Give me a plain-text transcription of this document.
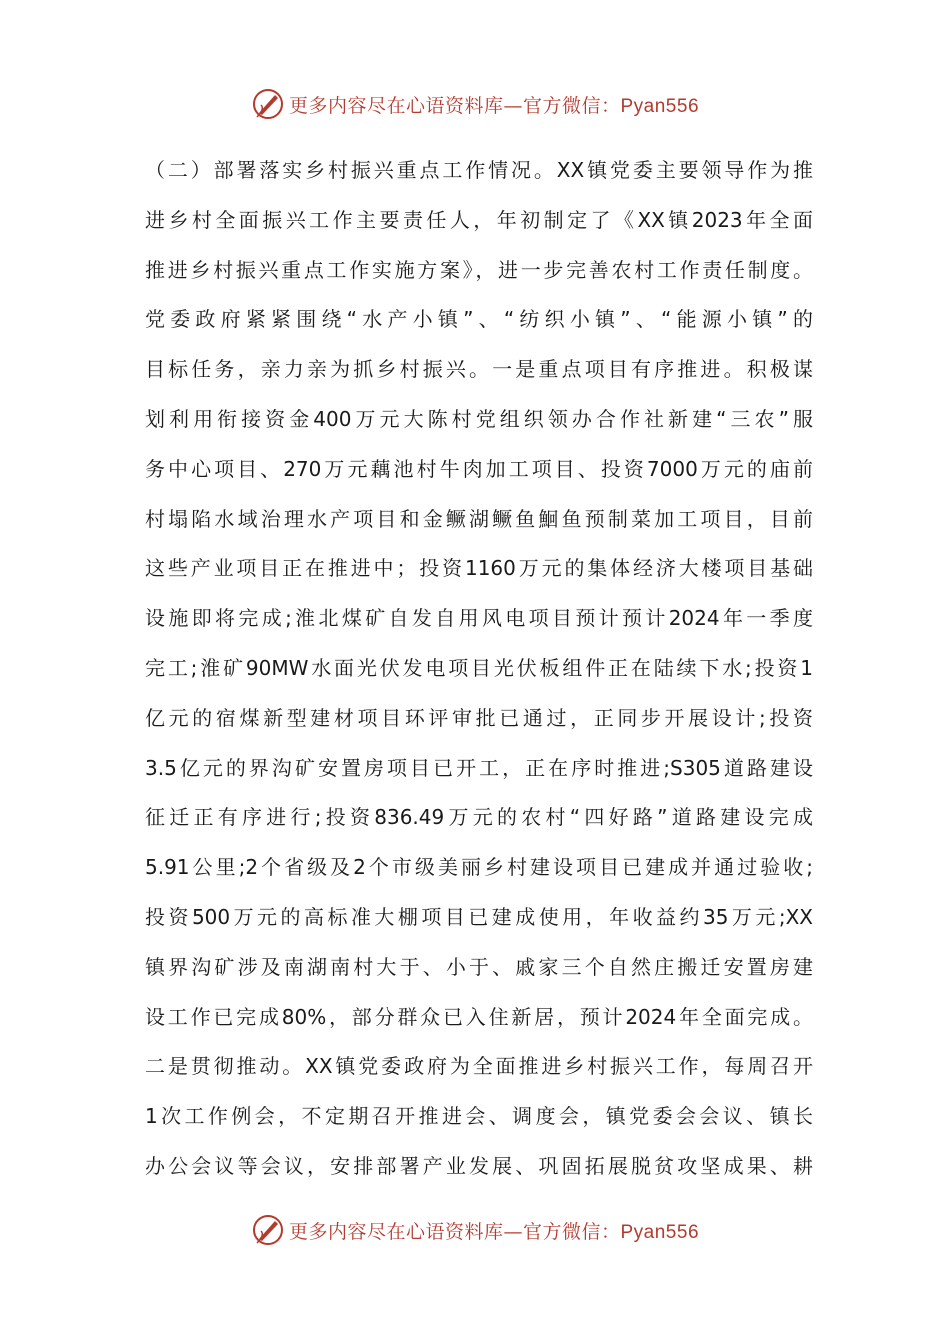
更多内容尽在心语资料库—官方微信：Pyan556
（二）部署落实乡村振兴重点工作情况。XX镇党委主要领导作为推
进乡村全面振兴工作主要责任人，年初制定了《XX镇2023年全面
推进乡村振兴重点工作实施方案》，进一步完善农村工作责任制度。
党委政府紧紧围绕“水产小镇”、“纺织小镇”、“能源小镇”的
目标任务，亲力亲为抓乡村振兴。一是重点项目有序推进。积极谋
划利用衔接资金400万元大陈村党组织领办合作社新建“三农”服
务中心项目、270万元藕池村牛肉加工项目、投资7000万元的庙前
村塌陷水域治理水产项目和金鳜湖鳜鱼鮰鱼预制菜加工项目，目前
这些产业项目正在推进中；投资1160万元的集体经济大楼项目基础
设施即将完成;淮北煤矿自发自用风电项目预计预计2024年一季度
完工;淮矿90MW水面光伏发电项目光伏板组件正在陆续下水;投资1
亿元的宿煤新型建材项目环评审批已通过，正同步开展设计;投资
3.5亿元的界沟矿安置房项目已开工，正在序时推进;S305道路建设
征迁正有序进行;投资836.49万元的农村“四好路”道路建设完成
5.91公里;2个省级及2个市级美丽乡村建设项目已建成并通过验收;
投资500万元的高标准大棚项目已建成使用，年收益约35万元;XX
镇界沟矿涉及南湖南村大于、小于、戚家三个自然庄搬迁安置房建
设工作已完成80%，部分群众已入住新居，预计2024年全面完成。
二是贯彻推动。XX镇党委政府为全面推进乡村振兴工作，每周召开
1次工作例会，不定期召开推进会、调度会，镇党委会会议、镇长
办公会议等会议，安排部署产业发展、巩固拓展脱贫攻坚成果、耕
更多内容尽在心语资料库—官方微信：Pyan556
